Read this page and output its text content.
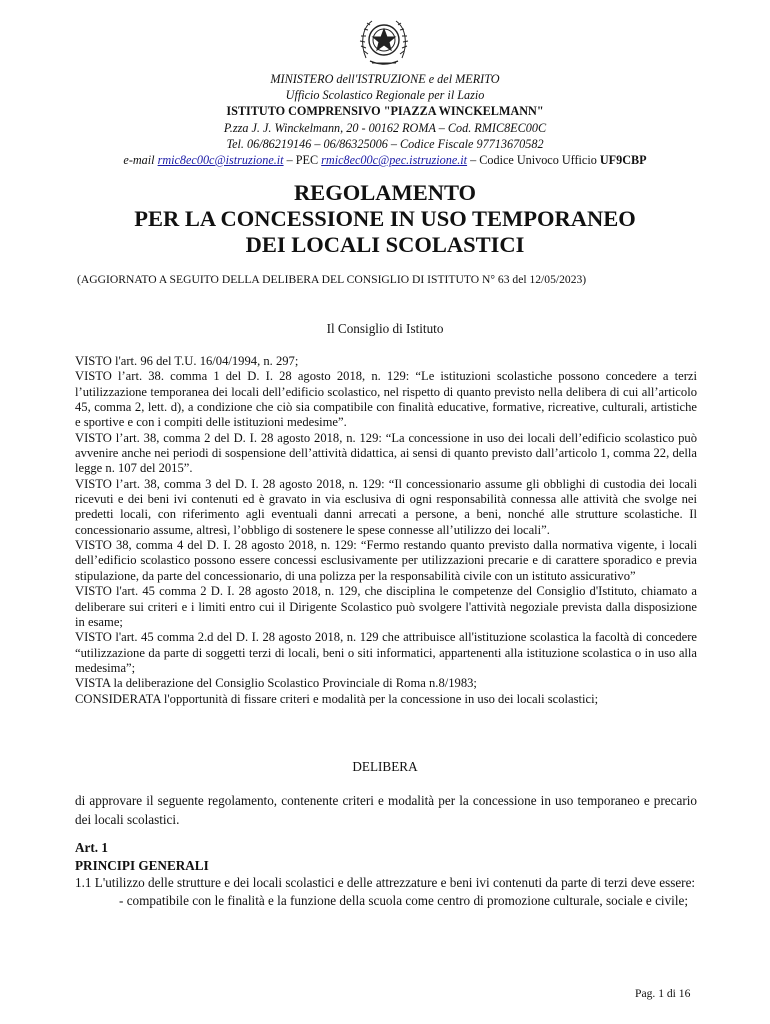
MINISTERO dell'ISTRUZIONE e del MERITO
Ufficio Scolastico Regionale per il Lazio
ISTITUTO COMPRENSIVO "PIAZZA WINCKELMANN"
P.zza J. J. Winckelmann, 20 - 00162 ROMA – Cod. RMIC8EC00C
Tel. 06/86219146 – 06/86325006 – Codice Fiscale 97713670582
e-mail rmic8ec00c@istruzione.it – PEC rmic8ec00c@pec.istruzione.it – Codice Univoco Ufficio UF9CBP
REGOLAMENTO
PER LA CONCESSIONE IN USO TEMPORANEO
DEI LOCALI SCOLASTICI
(AGGIORNATO A SEGUITO DELLA DELIBERA DEL CONSIGLIO DI ISTITUTO N° 63 del 12/05/2023)
Il Consiglio di Istituto

VISTO l'art. 96 del T.U. 16/04/1994, n. 297;

VISTO l’art. 38. comma 1 del D. I. 28 agosto 2018, n. 129: “Le istituzioni scolastiche possono concedere a terzi l’utilizzazione temporanea dei locali dell’edificio scolastico, nel rispetto di quanto previsto nella delibera di cui all’articolo 45, comma 2, lett. d), a condizione che ciò sia compatibile con finalità educative, formative, ricreative, culturali, artistiche e sportive e con i compiti delle istituzioni medesime”.

VISTO l’art. 38, comma 2 del D. I. 28 agosto 2018, n. 129: “La concessione in uso dei locali dell’edificio scolastico può avvenire anche nei periodi di sospensione dell’attività didattica, ai sensi di quanto previsto dall’articolo 1, comma 22, della legge n. 107 del 2015”.

VISTO l’art. 38, comma 3 del D. I. 28 agosto 2018, n. 129: “Il concessionario assume gli obblighi di custodia dei locali ricevuti e dei beni ivi contenuti ed è gravato in via esclusiva di ogni responsabilità connessa alle attività che svolge nei predetti locali, con riferimento agli eventuali danni arrecati a persone, a beni, nonché alle strutture scolastiche. Il concessionario assume, altresì, l’obbligo di sostenere le spese connesse all’utilizzo dei locali”.

VISTO 38, comma 4 del D. I. 28 agosto 2018, n. 129: “Fermo restando quanto previsto dalla normativa vigente, i locali dell’edificio scolastico possono essere concessi esclusivamente per utilizzazioni precarie e di carattere sporadico e previa stipulazione, da parte del concessionario, di una polizza per la responsabilità civile con un istituto assicurativo”

VISTO l'art. 45 comma 2 D. I. 28 agosto 2018, n. 129, che disciplina le competenze del Consiglio d'Istituto, chiamato a deliberare sui criteri e i limiti entro cui il Dirigente Scolastico può svolgere l'attività negoziale prevista dalla disposizione in esame;

VISTO l'art. 45 comma 2.d del D. I. 28 agosto 2018, n. 129 che attribuisce all'istituzione scolastica la facoltà di concedere “utilizzazione da parte di soggetti terzi di locali, beni o siti informatici, appartenenti alla istituzione scolastica o in uso alla medesima”;

VISTA la deliberazione del Consiglio Scolastico Provinciale di Roma n.8/1983;

CONSIDERATA l'opportunità di fissare criteri e modalità per la concessione in uso dei locali scolastici;

DELIBERA
di approvare il seguente regolamento, contenente criteri e modalità per la concessione in uso temporaneo e precario dei locali scolastici.
Art. 1
PRINCIPI GENERALI
1.1 L'utilizzo delle strutture e dei locali scolastici e delle attrezzature e beni ivi contenuti da parte di terzi deve essere:
- compatibile con le finalità e la funzione della scuola come centro di promozione culturale, sociale e civile;
Pag. 1 di 16
